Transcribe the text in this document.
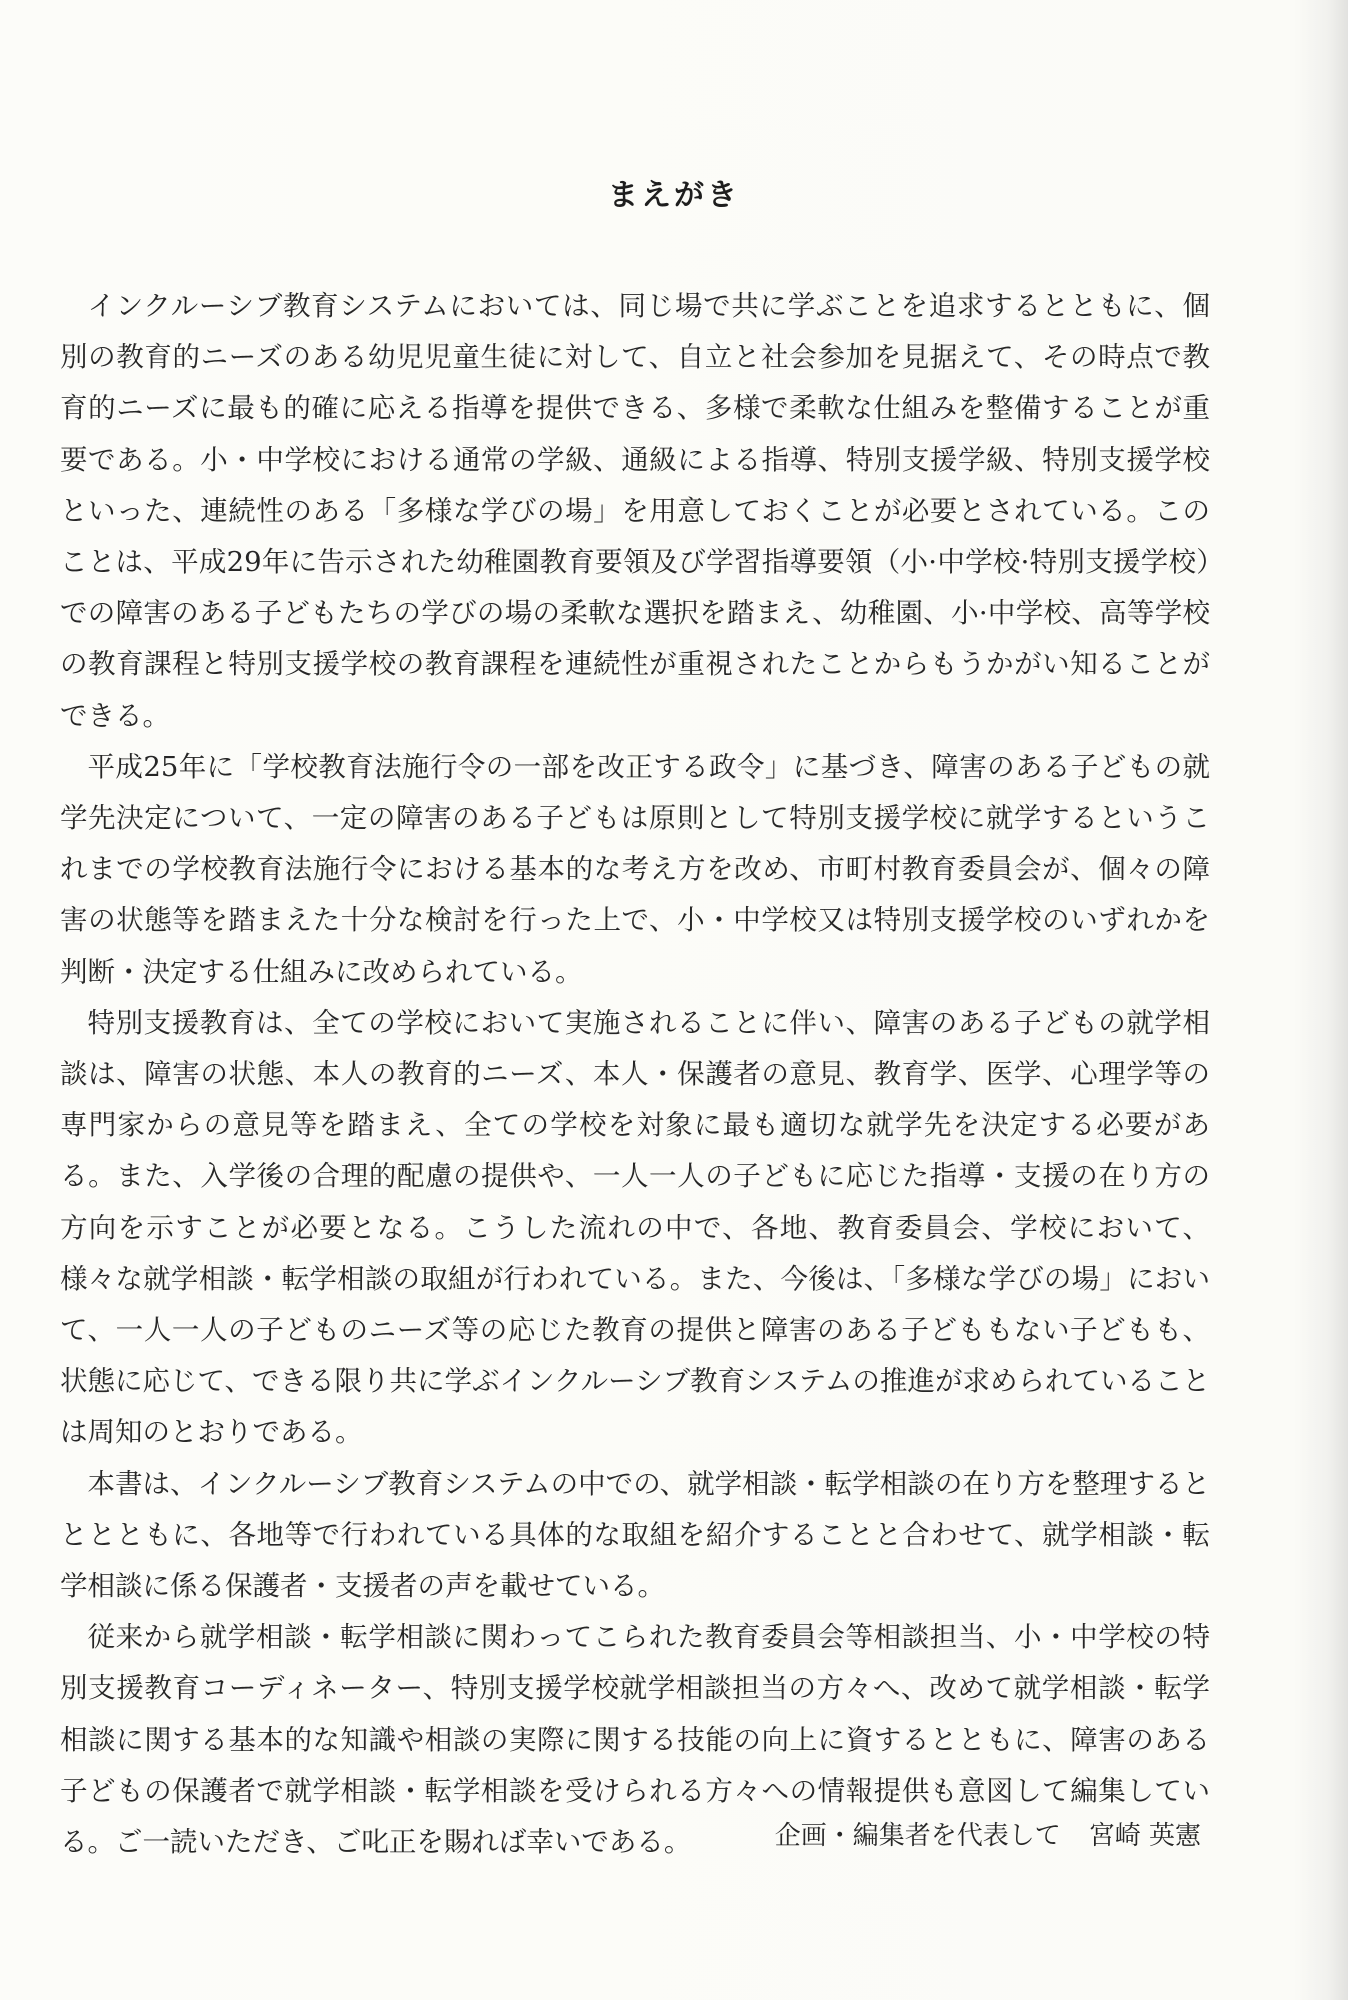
まえがき

インクルーシブ教育システムにおいては、同じ場で共に学ぶことを追求するとともに、個別の教育的ニーズのある幼児児童生徒に対して、自立と社会参加を見据えて、その時点で教育的ニーズに最も的確に応える指導を提供できる、多様で柔軟な仕組みを整備することが重要である。小・中学校における通常の学級、通級による指導、特別支援学級、特別支援学校といった、連続性のある「多様な学びの場」を用意しておくことが必要とされている。このことは、平成29年に告示された幼稚園教育要領及び学習指導要領（小·中学校·特別支援学校）での障害のある子どもたちの学びの場の柔軟な選択を踏まえ、幼稚園、小·中学校、高等学校の教育課程と特別支援学校の教育課程を連続性が重視されたことからもうかがい知ることができる。

平成25年に「学校教育法施行令の一部を改正する政令」に基づき、障害のある子どもの就学先決定について、一定の障害のある子どもは原則として特別支援学校に就学するというこれまでの学校教育法施行令における基本的な考え方を改め、市町村教育委員会が、個々の障害の状態等を踏まえた十分な検討を行った上で、小・中学校又は特別支援学校のいずれかを判断・決定する仕組みに改められている。

特別支援教育は、全ての学校において実施されることに伴い、障害のある子どもの就学相談は、障害の状態、本人の教育的ニーズ、本人・保護者の意見、教育学、医学、心理学等の専門家からの意見等を踏まえ、全ての学校を対象に最も適切な就学先を決定する必要がある。また、入学後の合理的配慮の提供や、一人一人の子どもに応じた指導・支援の在り方の方向を示すことが必要となる。こうした流れの中で、各地、教育委員会、学校において、様々な就学相談・転学相談の取組が行われている。また、今後は、「多様な学びの場」において、一人一人の子どものニーズ等の応じた教育の提供と障害のある子どももない子どもも、状態に応じて、できる限り共に学ぶインクルーシブ教育システムの推進が求められていることは周知のとおりである。

本書は、インクルーシブ教育システムの中での、就学相談・転学相談の在り方を整理するとととともに、各地等で行われている具体的な取組を紹介することと合わせて、就学相談・転学相談に係る保護者・支援者の声を載せている。

従来から就学相談・転学相談に関わってこられた教育委員会等相談担当、小・中学校の特別支援教育コーディネーター、特別支援学校就学相談担当の方々へ、改めて就学相談・転学相談に関する基本的な知識や相談の実際に関する技能の向上に資するとともに、障害のある子どもの保護者で就学相談・転学相談を受けられる方々への情報提供も意図して編集している。ご一読いただき、ご叱正を賜れば幸いである。	企画・編集者を代表して 宮崎 英憲
